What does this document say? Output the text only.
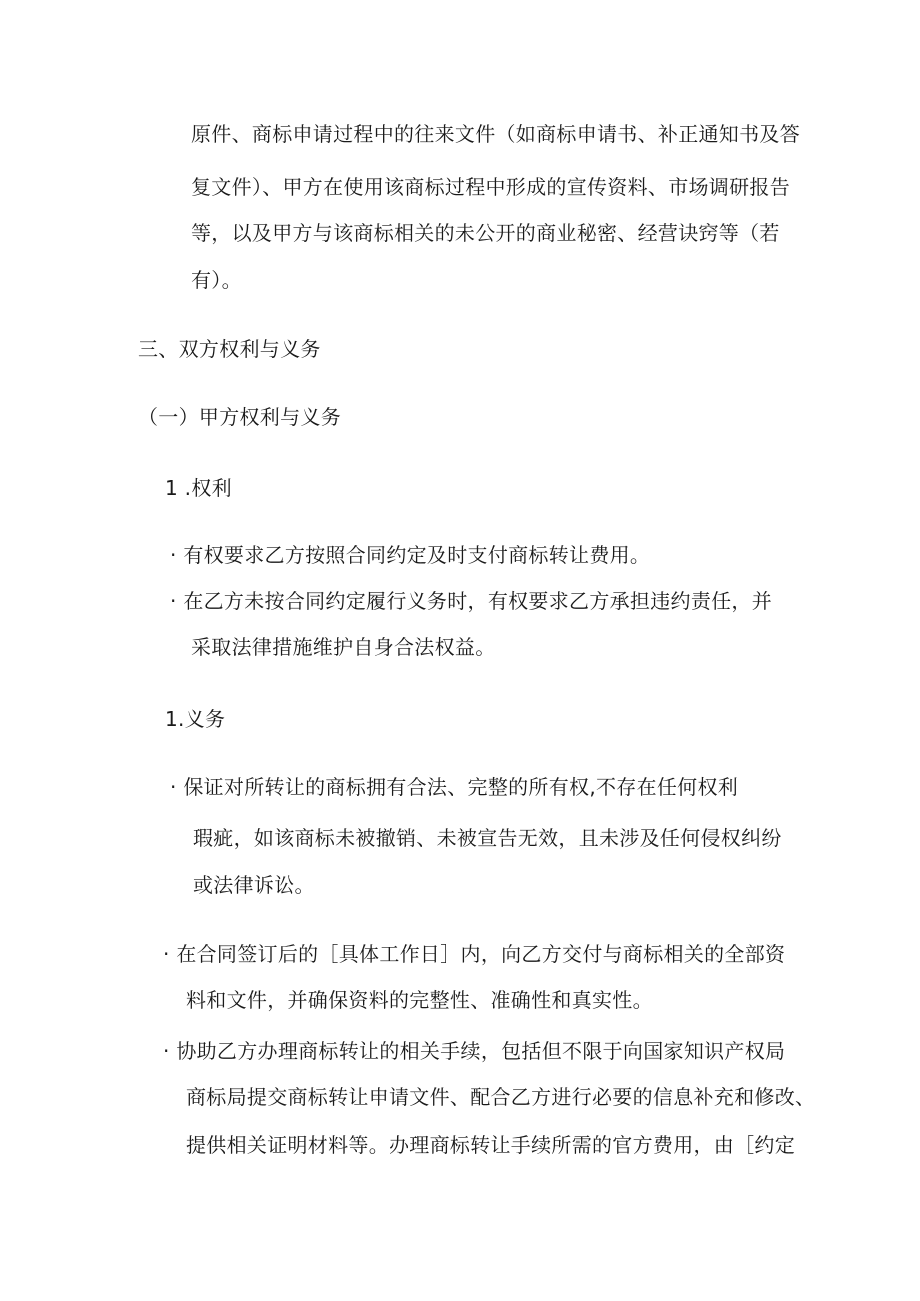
原件、商标申请过程中的往来文件（如商标申请书、补正通知书及答
复文件）、甲方在使用该商标过程中形成的宣传资料、市场调研报告
等，以及甲方与该商标相关的未公开的商业秘密、经营诀窍等（若
有）。
三、双方权利与义务
（一）甲方权利与义务
1 .权利
· 有权要求乙方按照合同约定及时支付商标转让费用。
· 在乙方未按合同约定履行义务时，有权要求乙方承担违约责任，并
采取法律措施维护自身合法权益。
1.义务
· 保证对所转让的商标拥有合法、完整的所有权,不存在任何权利
瑕疵，如该商标未被撤销、未被宣告无效，且未涉及任何侵权纠纷
或法律诉讼。
· 在合同签订后的［具体工作日］内，向乙方交付与商标相关的全部资
料和文件，并确保资料的完整性、准确性和真实性。
· 协助乙方办理商标转让的相关手续，包括但不限于向国家知识产权局
商标局提交商标转让申请文件、配合乙方进行必要的信息补充和修改、
提供相关证明材料等。办理商标转让手续所需的官方费用，由［约定
